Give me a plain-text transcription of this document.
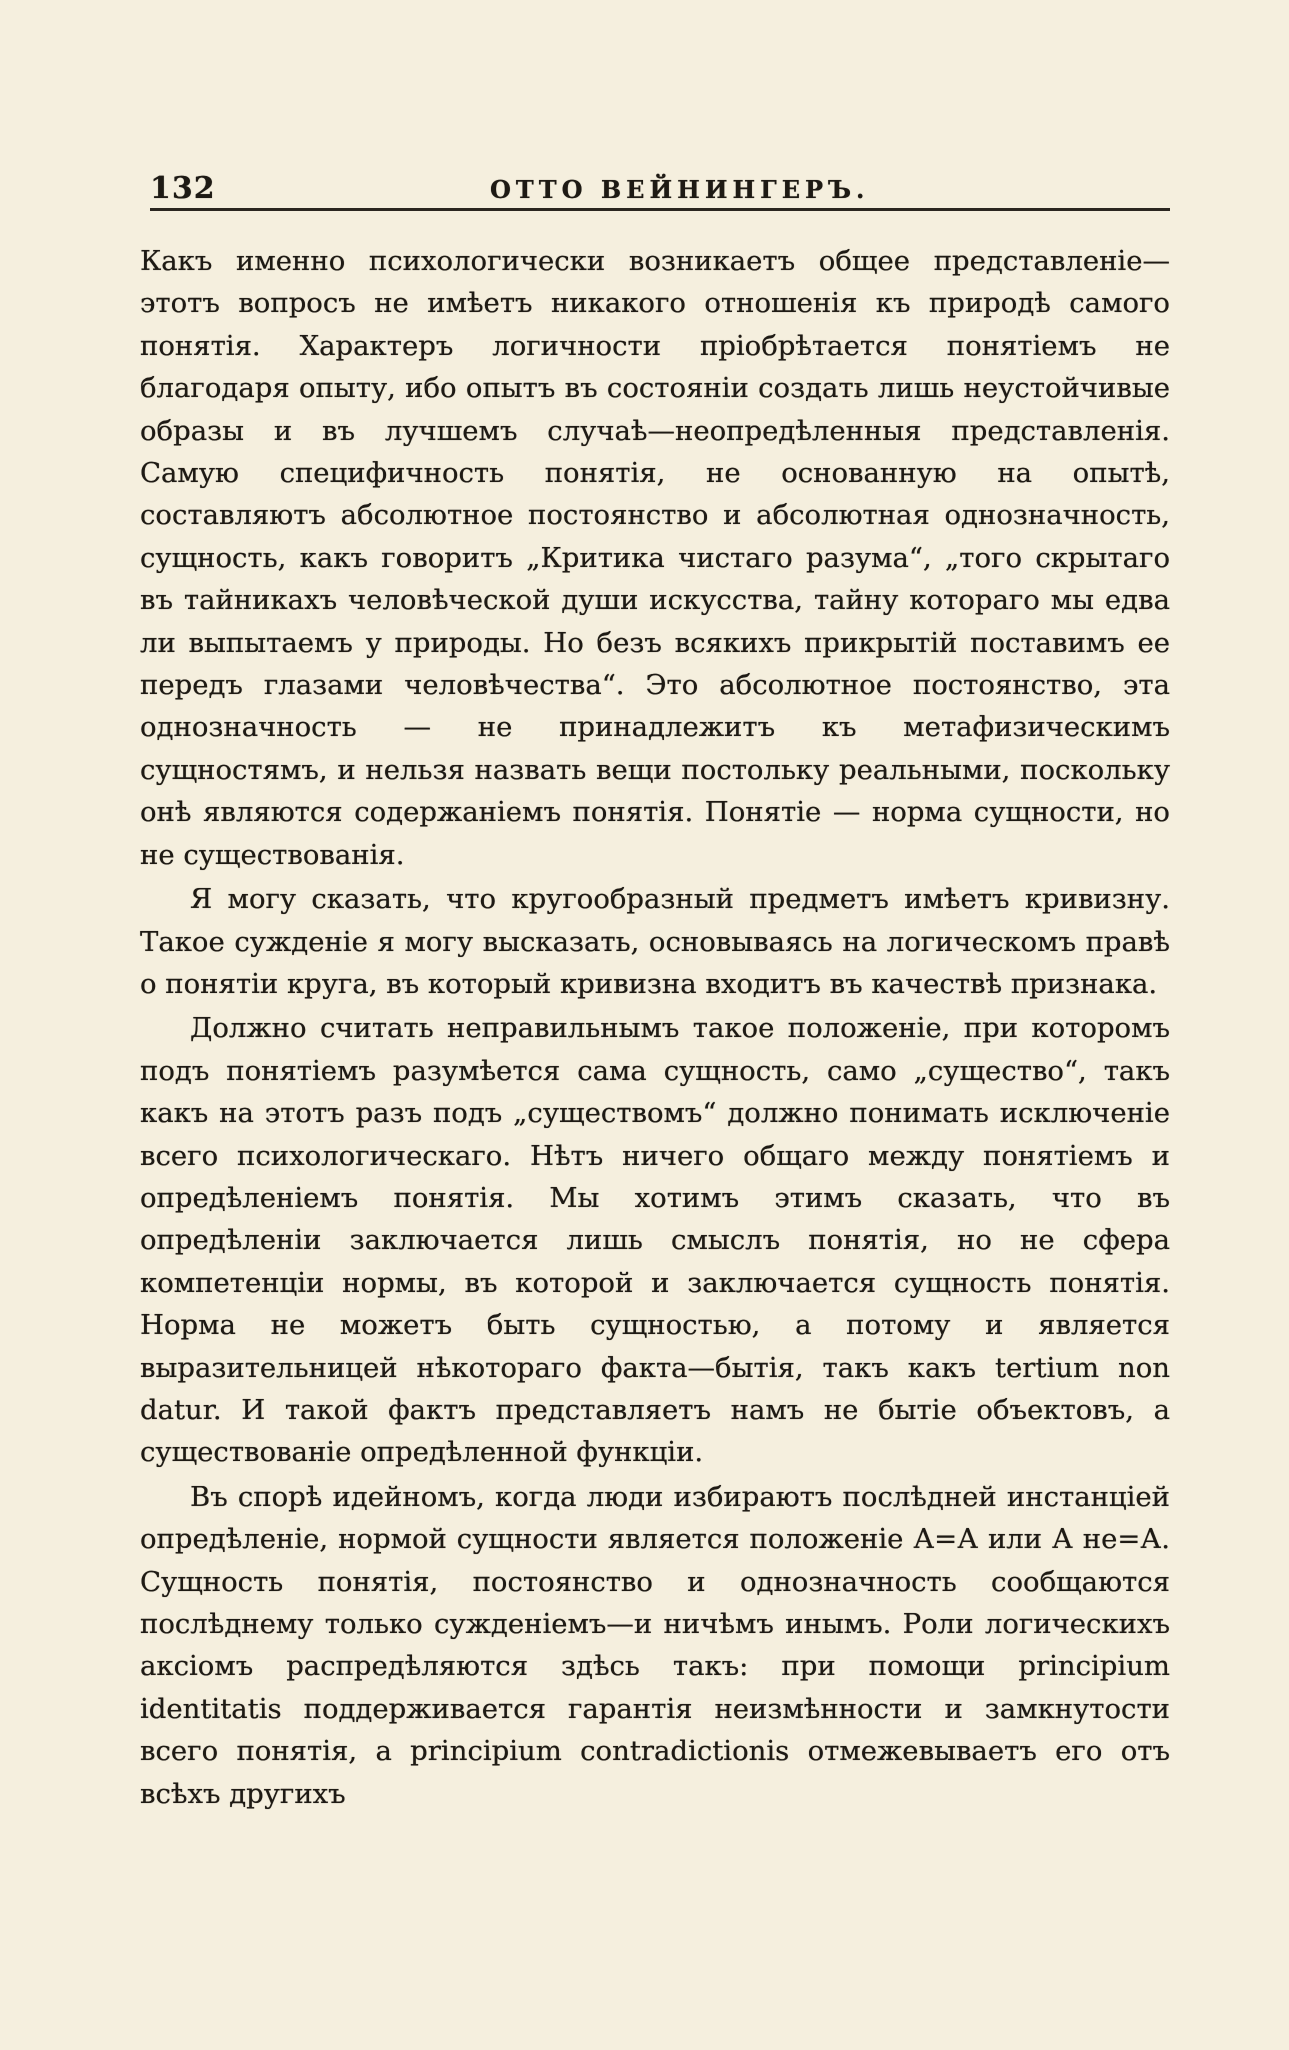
132	ОТТО ВЕЙНИНГЕРЪ.

Какъ именно психологически возникаетъ общее представленіе—этотъ вопросъ не имѣетъ никакого отношенія къ природѣ самого понятія. Характеръ логичности пріобрѣтается понятіемъ не благодаря опыту, ибо опытъ въ состояніи создать лишь неустойчивые образы и въ лучшемъ случаѣ—неопредѣленныя представленія. Самую специфичность понятія, не основанную на опытѣ, составляютъ абсолютное постоянство и абсолютная однозначность, сущность, какъ говоритъ „Критика чистаго разума“, „того скрытаго въ тайникахъ человѣческой души искусства, тайну котораго мы едва ли выпытаемъ у природы. Но безъ всякихъ прикрытій поставимъ ее передъ глазами человѣчества“. Это абсолютное постоянство, эта однозначность — не принадлежитъ къ метафизическимъ сущностямъ, и нельзя назвать вещи постольку реальными, поскольку онѣ являются содержаніемъ понятія. Понятіе — норма сущности, но не существованія.

Я могу сказать, что кругообразный предметъ имѣетъ кривизну. Такое сужденіе я могу высказать, основываясь на логическомъ правѣ о понятіи круга, въ который кривизна входитъ въ качествѣ признака.

Должно считать неправильнымъ такое положеніе, при которомъ подъ понятіемъ разумѣется сама сущность, само „существо“, такъ какъ на этотъ разъ подъ „существомъ“ должно понимать исключеніе всего психологическаго. Нѣтъ ничего общаго между понятіемъ и опредѣленіемъ понятія. Мы хотимъ этимъ сказать, что въ опредѣленіи заключается лишь смыслъ понятія, но не сфера компетенціи нормы, въ которой и заключается сущность понятія. Норма не можетъ быть сущностью, а потому и является выразительницей нѣкотораго факта—бытія, такъ какъ tertium non datur. И такой фактъ представляетъ намъ не бытіе объектовъ, а существованіе опредѣленной функціи.

Въ спорѣ идейномъ, когда люди избираютъ послѣдней инстанціей опредѣленіе, нормой сущности является положеніе А=А или А не=А. Сущность понятія, постоянство и однозначность сообщаются послѣднему только сужденіемъ—и ничѣмъ инымъ. Роли логическихъ аксіомъ распредѣляются здѣсь такъ: при помощи principium identitatis поддерживается гарантія неизмѣнности и замкнутости всего понятія, а principium contradictionis отмежевываетъ его отъ всѣхъ другихъ
